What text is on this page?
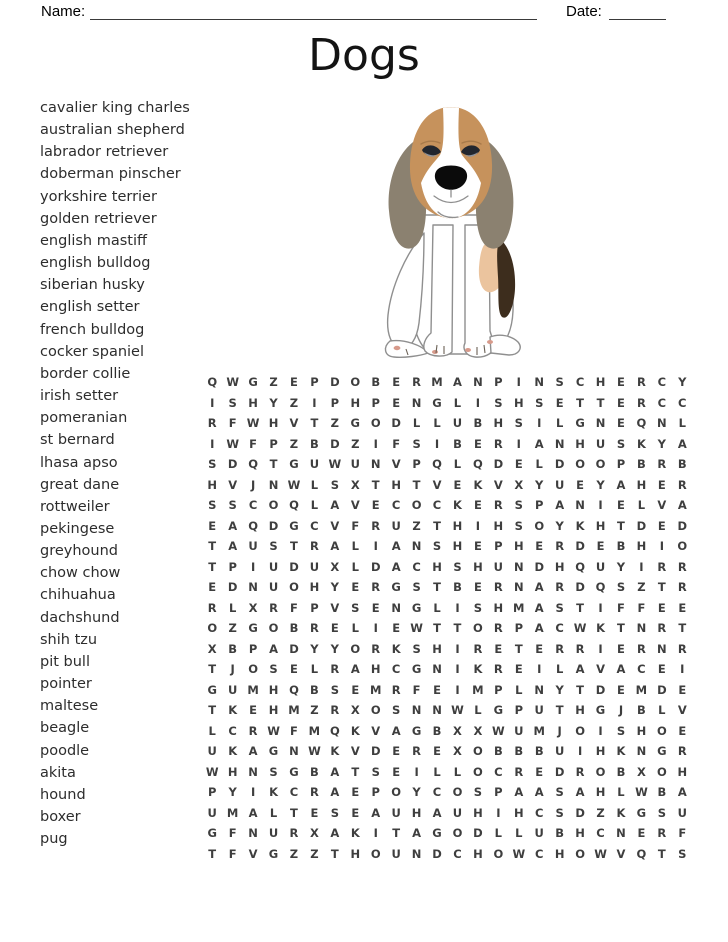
Name:	Date:
Dogs
cavalier king charles
australian shepherd
labrador retriever
doberman pinscher
yorkshire terrier
golden retriever
english mastiff
english bulldog
siberian husky
english setter
french bulldog
cocker spaniel
border collie
irish setter
pomeranian
st bernard
lhasa apso
great dane
rottweiler
pekingese
greyhound
chow chow
chihuahua
dachshund
shih tzu
pit bull
pointer
maltese
beagle
poodle
akita
hound
boxer
pug
Q W G	Z	E	P D O B	E	R M A N P	I	N S	C H	E	R	C	Y
I	S H Y	Z	I	P H P	E	N G	L	I	S H S	E	T	T	E	R	C	C
R	F W H V	T	Z	G O D	L	L	U B H S	I	L	G N	E	Q N	L
I	W F	P	Z	B D	Z	I	F	S	I	B	E	R	I	A N H U	S	K	Y	A
S	D Q	T	G U W U N V	P Q	L	Q D	E	L	D O O P	B	R	B
H V	J	N W L	S	X	T	H	T	V	E	K	V	X	Y	U	E	Y	A H	E	R
S	S	C O Q	L	A	V	E	C O C	K	E	R	S	P	A N	I	E	L	V	A
E	A Q D G C	V	F	R U	Z	T	H	I	H S O Y	K H	T	D	E	D
T	A U	S	T	R	A	L	I	A N S H	E	P H	E	R D	E	B H	I	O
T	P	I	U D U X	L	D A	C H S H U N D H Q U	Y	I	R	R
E	D N U O H Y	E	R G	S	T	B	E	R N A	R D Q S	Z	T	R
R	L	X	R	F	P	V	S	E	N G	L	I	S H M A	S	T	I	F	F	E	E
O Z	G O B	R	E	L	I	E W T	T	O R	P	A	C W K	T	N R	T
X	B	P	A D	Y	Y O R	K	S H	I	R	E	T	E	R	R	I	E	R N R
T	J	O S	E	L	R	A H C G N	I	K	R	E	I	L	A	V	A	C	E	I
G U M H Q B	S	E M R	F	E	I	M P	L	N Y	T	D	E M D	E
T	K	E	H M Z	R	X O S N N W L	G	P	U	T	H G	J	B	L	V
L	C	R W F M Q K	V	A G B	X	X W U M	J	O	I	S H O	E
U K	A G N W K	V D	E	R	E	X O B	B	B U	I	H K N G R
W H N S	G B	A	T	S	E	I	L	L	O C	R	E	D R O B	X O H
P	Y	I	K	C	R	A	E	P O Y	C O S	P	A	A	S	A H	L W B	A
U M A	L	T	E	S	E	A U H A U H	I	H C	S	D	Z	K G	S	U
G	F	N U R	X	A	K	I	T	A G O D	L	L	U B H C N	E	R	F
T	F	V G	Z	Z	T	H O U N D C H O W C H O W V Q	T	S
